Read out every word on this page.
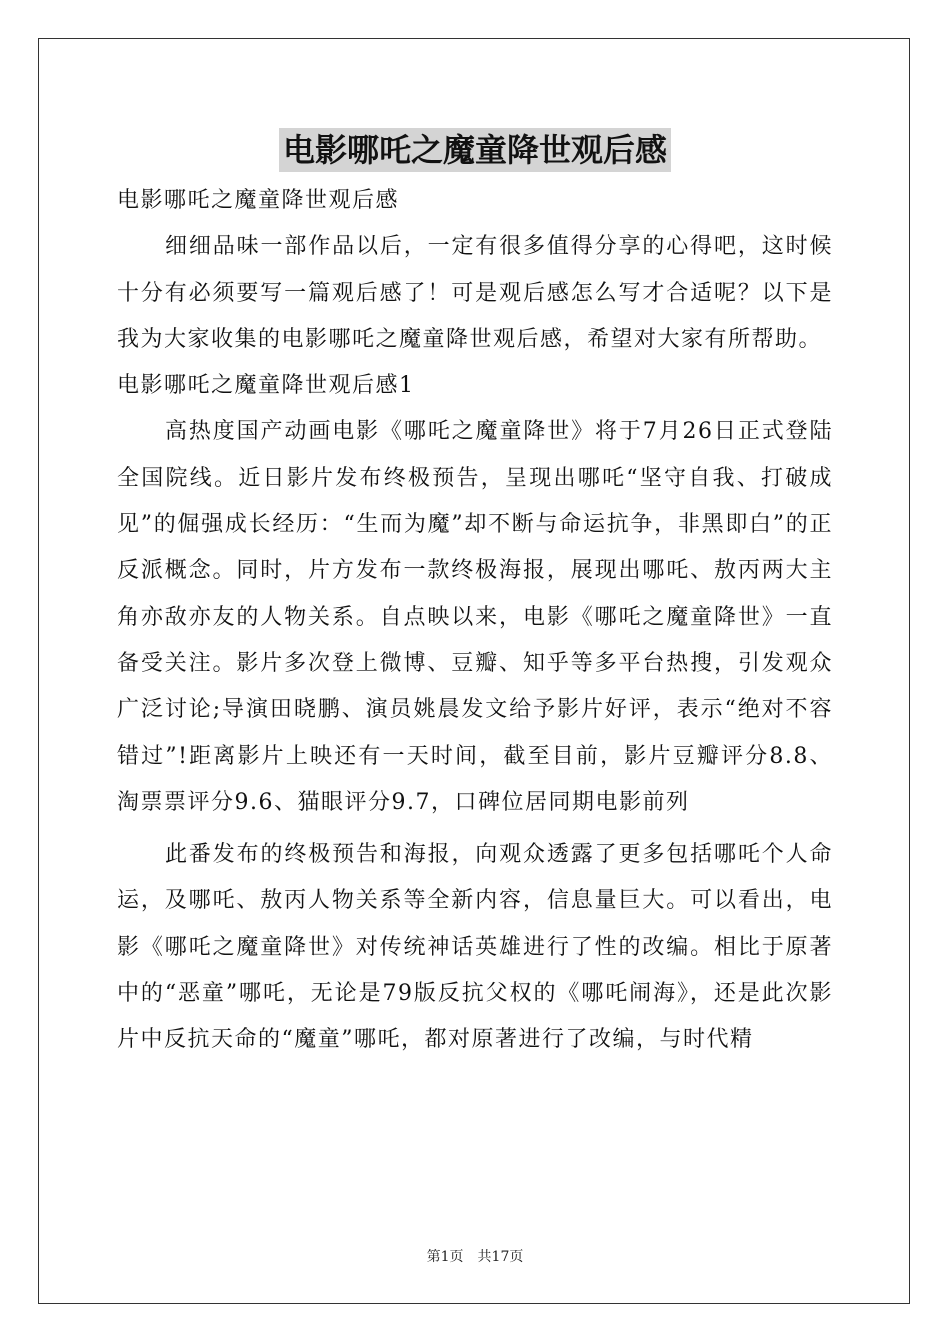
电影哪吒之魔童降世观后感

电影哪吒之魔童降世观后感

细细品味一部作品以后，一定有很多值得分享的心得吧，这时候十分有必须要写一篇观后感了！可是观后感怎么写才合适呢？以下是我为大家收集的电影哪吒之魔童降世观后感，希望对大家有所帮助。

电影哪吒之魔童降世观后感1

高热度国产动画电影《哪吒之魔童降世》将于7月26日正式登陆全国院线。近日影片发布终极预告，呈现出哪吒“坚守自我、打破成见”的倔强成长经历：“生而为魔”却不断与命运抗争，非黑即白”的正反派概念。同时，片方发布一款终极海报，展现出哪吒、敖丙两大主角亦敌亦友的人物关系。自点映以来，电影《哪吒之魔童降世》一直备受关注。影片多次登上微博、豆瓣、知乎等多平台热搜，引发观众广泛讨论;导演田晓鹏、演员姚晨发文给予影片好评，表示“绝对不容错过”!距离影片上映还有一天时间，截至目前，影片豆瓣评分8.8、淘票票评分9.6、猫眼评分9.7，口碑位居同期电影前列

此番发布的终极预告和海报，向观众透露了更多包括哪吒个人命运，及哪吒、敖丙人物关系等全新内容，信息量巨大。可以看出，电影《哪吒之魔童降世》对传统神话英雄进行了性的改编。相比于原著中的“恶童”哪吒，无论是79版反抗父权的《哪吒闹海》，还是此次影片中反抗天命的“魔童”哪吒，都对原著进行了改编，与时代精

第1页 共17页
